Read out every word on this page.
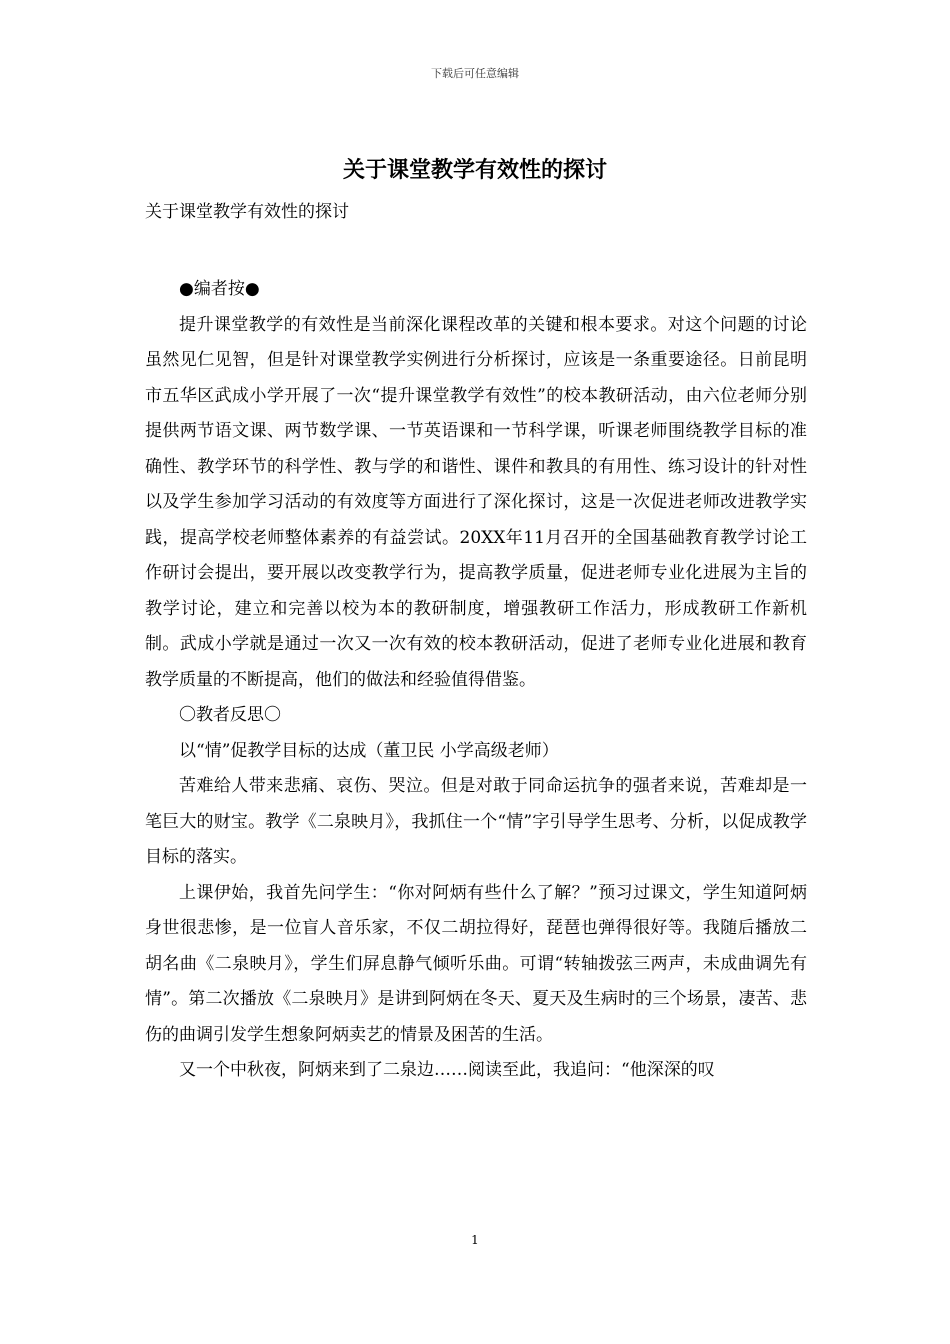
下载后可任意编辑
关于课堂教学有效性的探讨

关于课堂教学有效性的探讨

●编者按●

提升课堂教学的有效性是当前深化课程改革的关键和根本要求。对这个问题的讨论虽然见仁见智，但是针对课堂教学实例进行分析探讨，应该是一条重要途径。日前昆明市五华区武成小学开展了一次“提升课堂教学有效性”的校本教研活动，由六位老师分别提供两节语文课、两节数学课、一节英语课和一节科学课，听课老师围绕教学目标的准确性、教学环节的科学性、教与学的和谐性、课件和教具的有用性、练习设计的针对性以及学生参加学习活动的有效度等方面进行了深化探讨，这是一次促进老师改进教学实践，提高学校老师整体素养的有益尝试。20XX年11月召开的全国基础教育教学讨论工作研讨会提出，要开展以改变教学行为，提高教学质量，促进老师专业化进展为主旨的教学讨论，建立和完善以校为本的教研制度，增强教研工作活力，形成教研工作新机制。武成小学就是通过一次又一次有效的校本教研活动，促进了老师专业化进展和教育教学质量的不断提高，他们的做法和经验值得借鉴。

〇教者反思〇

以“情”促教学目标的达成（董卫民 小学高级老师）

苦难给人带来悲痛、哀伤、哭泣。但是对敢于同命运抗争的强者来说，苦难却是一笔巨大的财宝。教学《二泉映月》，我抓住一个“情”字引导学生思考、分析，以促成教学目标的落实。

上课伊始，我首先问学生：“你对阿炳有些什么了解？”预习过课文，学生知道阿炳身世很悲惨，是一位盲人音乐家，不仅二胡拉得好，琵琶也弹得很好等。我随后播放二胡名曲《二泉映月》，学生们屏息静气倾听乐曲。可谓“转轴拨弦三两声，未成曲调先有情”。第二次播放《二泉映月》是讲到阿炳在冬天、夏天及生病时的三个场景，凄苦、悲伤的曲调引发学生想象阿炳卖艺的情景及困苦的生活。

又一个中秋夜，阿炳来到了二泉边……阅读至此，我追问：“他深深的叹

1
